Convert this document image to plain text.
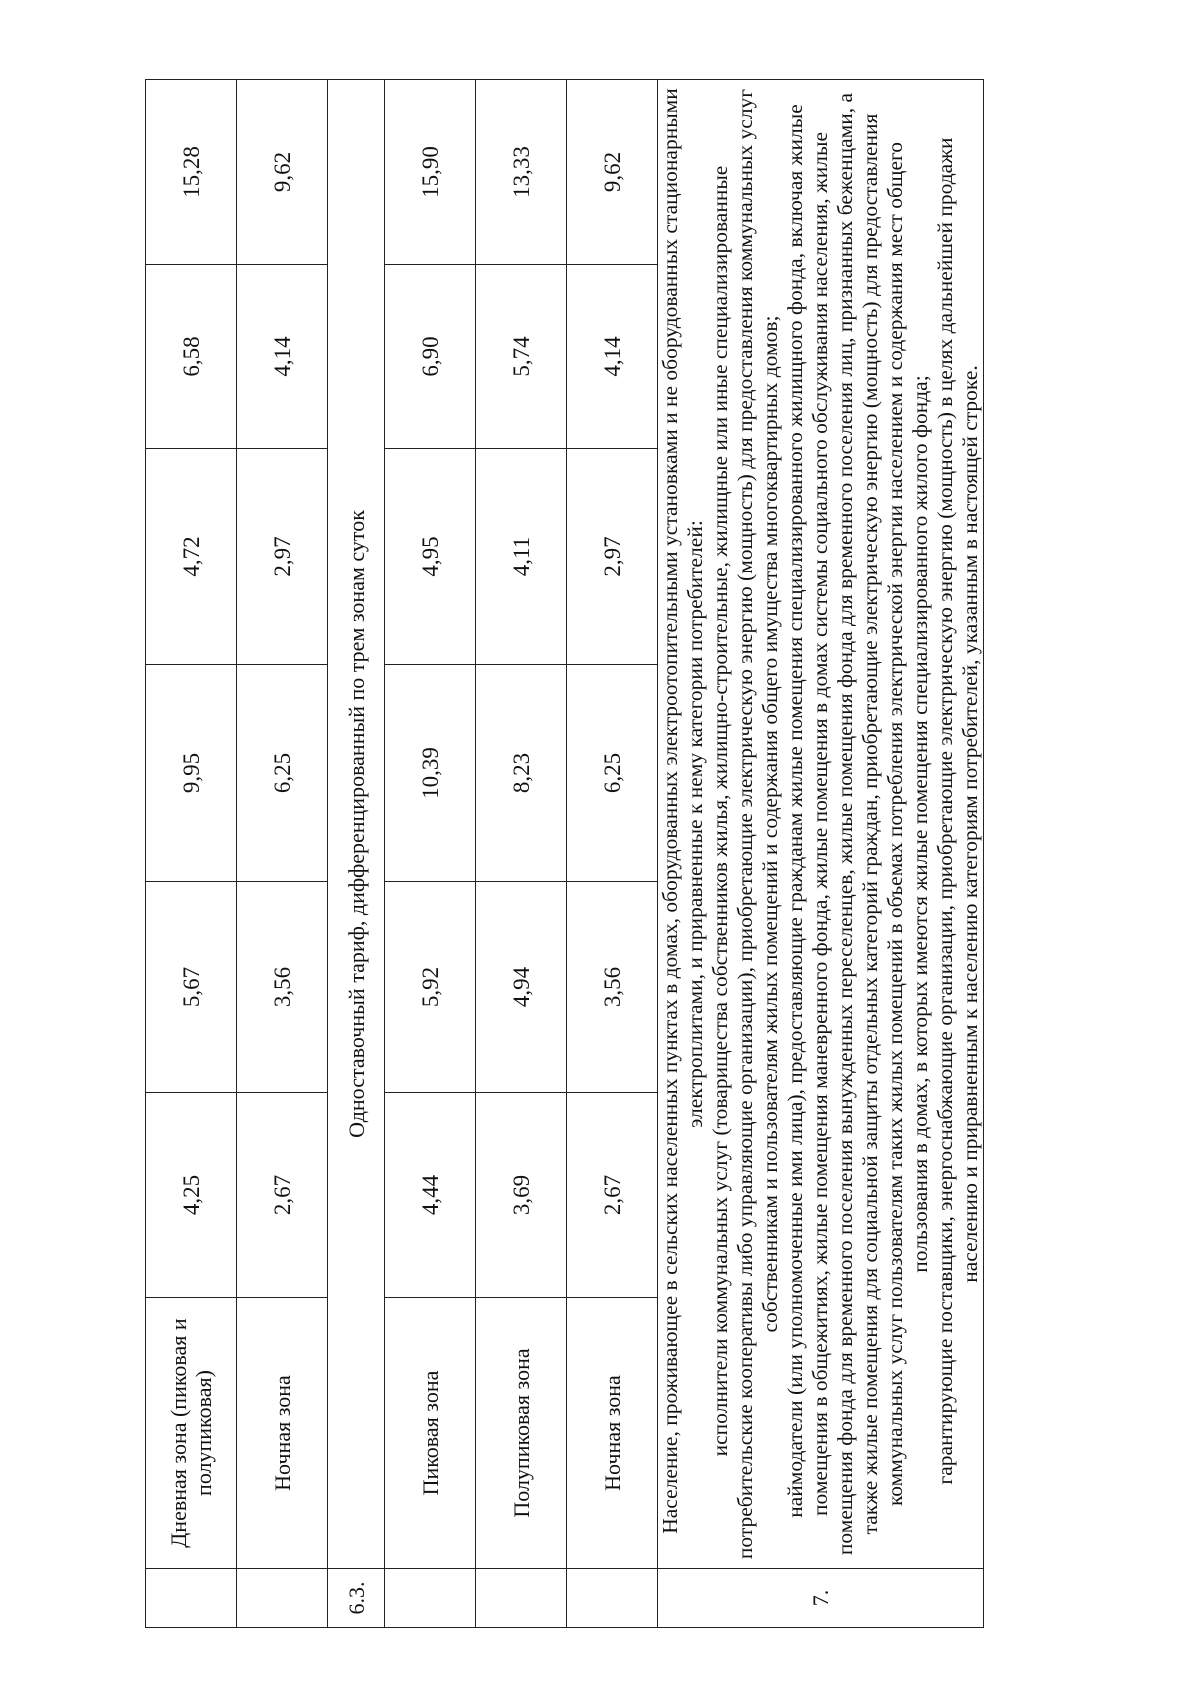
	Дневная зона (пиковая и полупиковая)	4,25	5,67	9,95	4,72	6,58	15,28
	Ночная зона	2,67	3,56	6,25	2,97	4,14	9,62
6.3.	Одноставочный тариф, дифференцированный по трем зонам суток						
	Пиковая зона	4,44	5,92	10,39	4,95	6,90	15,90
	Полупиковая зона	3,69	4,94	8,23	4,11	5,74	13,33
	Ночная зона	2,67	3,56	6,25	2,97	4,14	9,62
7.	Население, проживающее в сельских населенных пунктах в домах, оборудованных электроотопительными установками и не оборудованных стационарными электроплитами, и приравненные к нему категории потребителей: исполнители коммунальных услуг (товарищества собственников жилья, жилищно-строительные, жилищные или иные специализированные потребительские кооперативы либо управляющие организации), приобретающие электрическую энергию (мощность) для предоставления коммунальных услуг собственникам и пользователям жилых помещений и содержания общего имущества многоквартирных домов; наймодатели (или уполномоченные ими лица), предоставляющие гражданам жилые помещения специализированного жилищного фонда, включая жилые помещения в общежитиях, жилые помещения маневренного фонда, жилые помещения в домах системы социального обслуживания населения, жилые помещения фонда для временного поселения вынужденных переселенцев, жилые помещения фонда для временного поселения лиц, признанных беженцами, а также жилые помещения для социальной защиты отдельных категорий граждан, приобретающие электрическую энергию (мощность) для предоставления коммунальных услуг пользователям таких жилых помещений в объемах потребления электрической энергии населением и содержания мест общего пользования в домах, в которых имеются жилые помещения специализированного жилого фонда; гарантирующие поставщики, энергоснабжающие организации, приобретающие электрическую энергию (мощность) в целях дальнейшей продажи населению и приравненным к населению категориям потребителей, указанным в настоящей строке.						
